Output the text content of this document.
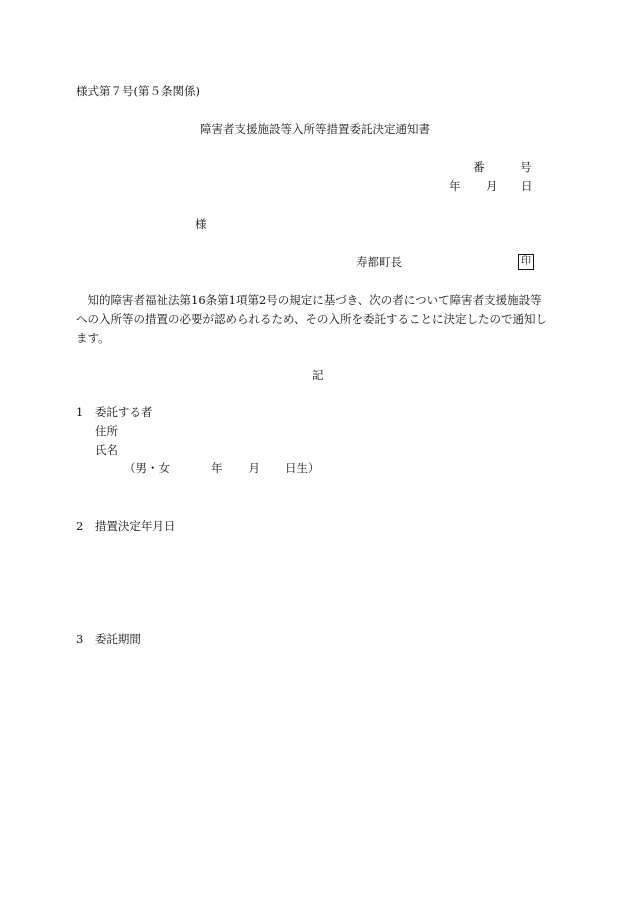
様式第７号(第５条関係)
障害者支援施設等入所等措置委託決定通知書
番	号
年 月 日
様
寿都町長	印
知的障害者福祉法第16条第1項第2号の規定に基づき、次の者について障害者支援施設等への入所等の措置の必要が認められるため、その入所を委託することに決定したので通知します。
記
1　委託する者
住所
氏名
（男・女	年 月 日生）
2　措置決定年月日
3　委託期間
